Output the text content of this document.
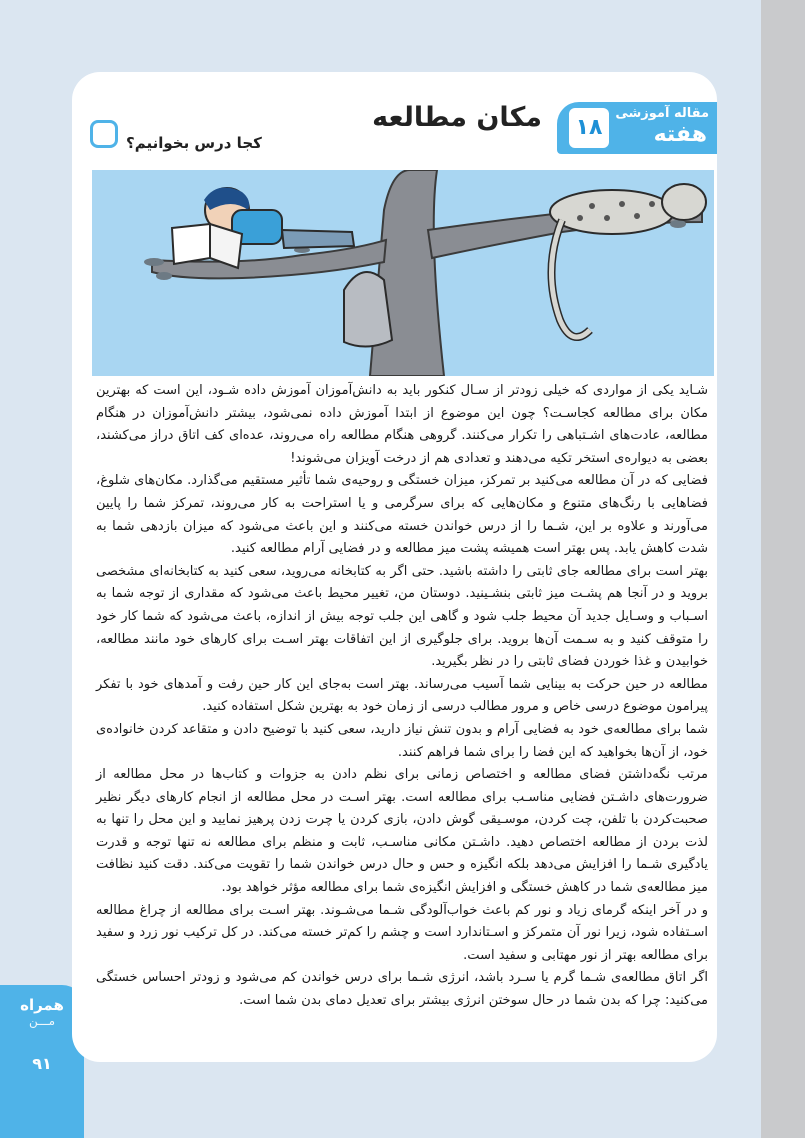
همراه
مـــن
۹۱
۱۸
مقاله آموزشی
هفته
مکان مطالعه
کجا درس بخوانیم؟

شـاید یکی از مواردی که خیلی زودتر از سـال کنکور باید به دانش‌آموزان آموزش داده شـود، این است که بهترین مکان برای مطالعه کجاسـت؟ چون این موضوع از ابتدا آموزش داده نمی‌شود، بیشتر دانش‌آموزان در هنگام مطالعه، عادت‌های اشـتباهی را تکرار می‌کنند. گروهی هنگام مطالعه راه می‌روند، عده‌ای کف اتاق دراز می‌کشند، بعضی به دیواره‌ی استخر تکیه می‌دهند و تعدادی هم از درخت آویزان می‌شوند!

فضایی که در آن مطالعه می‌کنید بر تمرکز، میزان خستگی و روحیه‌ی شما تأثیر مستقیم می‌گذارد. مکان‌های شلوغ، فضاهایی با رنگ‌های متنوع و مکان‌هایی که برای سرگرمی و یا استراحت به کار می‌روند، تمرکز شما را پایین می‌آورند و علاوه بر این، شـما را از درس خواندن خسته می‌کنند و این باعث می‌شود که میزان بازدهی شما به شدت کاهش یابد. پس بهتر است همیشه پشت میز مطالعه و در فضایی آرام مطالعه کنید.

بهتر است برای مطالعه جای ثابتی را داشته باشید. حتی اگر به کتابخانه می‌روید، سعی کنید به کتابخانه‌ای مشخصی بروید و در آنجا هم پشـت میز ثابتی بنشـینید. دوستان من، تغییر محیط باعث می‌شود که مقداری از توجه شما به اسـباب و وسـایل جدید آن محیط جلب شود و گاهی این جلب توجه بیش از اندازه، باعث می‌شود که شما کار خود را متوقف کنید و به سـمت آن‌ها بروید. برای جلوگیری از این اتفاقات بهتر اسـت برای کارهای خود مانند مطالعه، خوابیدن و غذا خوردن فضای ثابتی را در نظر بگیرید.

مطالعه در حین حرکت به بینایی شما آسیب می‌رساند. بهتر است به‌جای این کار حین رفت و آمدهای خود با تفکر پیرامون موضوع درسی خاص و مرور مطالب درسی از زمان خود به بهترین شکل استفاده کنید.

شما برای مطالعه‌ی خود به فضایی آرام و بدون تنش نیاز دارید، سعی کنید با توضیح دادن و متقاعد کردن خانواده‌ی خود، از آن‌ها بخواهید که این فضا را برای شما فراهم کنند.

مرتب نگه‌داشتن فضای مطالعه و اختصاص زمانی برای نظم دادن به جزوات و کتاب‌ها در محل مطالعه از ضرورت‌های داشـتن فضایی مناسـب برای مطالعه است. بهتر اسـت در محل مطالعه از انجام کارهای دیگر نظیر صحبت‌کردن با تلفن، چت کردن، موسـیقی گوش دادن، بازی کردن یا چرت زدن پرهیز نمایید و این محل را تنها به لذت بردن از مطالعه اختصاص دهید. داشـتن مکانی مناسـب، ثابت و منظم برای مطالعه نه تنها توجه و قدرت یادگیری شـما را افزایش می‌دهد بلکه انگیزه و حس و حال درس خواندن شما را تقویت می‌کند. دقت کنید نظافت میز مطالعه‌ی شما در کاهش خستگی و افزایش انگیزه‌ی شما برای مطالعه مؤثر خواهد بود.

و در آخر اینکه گرمای زیاد و نور کم باعث خواب‌آلودگی شـما می‌شـوند. بهتر اسـت برای مطالعه از چراغ مطالعه اسـتفاده شود، زیرا نور آن متمرکز و اسـتاندارد است و چشم را کم‌تر خسته می‌کند. در کل ترکیب نور زرد و سفید برای مطالعه بهتر از نور مهتابی و سفید است.

اگر اتاق مطالعه‌ی شـما گرم یا سـرد باشد، انرژی شـما برای درس خواندن کم می‌شود و زودتر احساس خستگی می‌کنید: چرا که بدن شما در حال سوختن انرژی بیشتر برای تعدیل دمای بدن شما است.
